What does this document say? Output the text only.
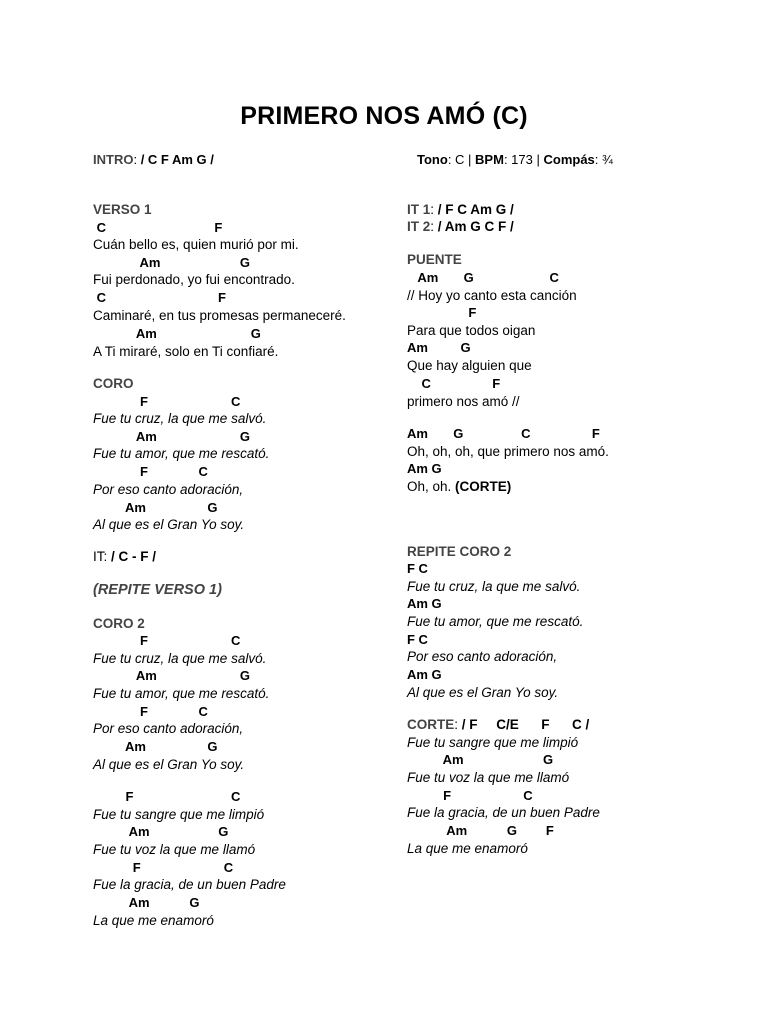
PRIMERO NOS AMÓ (C)
INTRO: / C F Am G /	Tono: C | BPM: 173 | Compás: ¾
VERSO 1
C                              F
Cuán bello es, quien murió por mi.
Am                      G
Fui perdonado, yo fui encontrado.
C                               F
Caminaré, en tus promesas permaneceré.
Am                          G
A Ti miraré, solo en Ti confiaré.
CORO
F                       C
Fue tu cruz, la que me salvó.
Am                       G
Fue tu amor, que me rescató.
F              C
Por eso canto adoración,
Am                 G
Al que es el Gran Yo soy.
IT: / C - F /
(REPITE VERSO 1)
CORO 2
F                       C
Fue tu cruz, la que me salvó.
Am                       G
Fue tu amor, que me rescató.
F              C
Por eso canto adoración,
Am                 G
Al que es el Gran Yo soy.
F                           C
Fue tu sangre que me limpió
Am                   G
Fue tu voz la que me llamó
F                       C
Fue la gracia, de un buen Padre
Am           G
La que me enamoró
IT 1: / F C Am G /
IT 2: / Am G C F /
PUENTE
Am       G                     C
// Hoy yo canto esta canción
F
Para que todos oigan
Am         G
Que hay alguien que
C                 F
primero nos amó //
Am       G                C                 F
Oh, oh, oh, que primero nos amó.
Am G
Oh, oh. (CORTE)
REPITE CORO 2
F C
Fue tu cruz, la que me salvó.
Am G
Fue tu amor, que me rescató.
F C
Por eso canto adoración,
Am G
Al que es el Gran Yo soy.
CORTE: / F     C/E      F      C /
Fue tu sangre que me limpió
Am                      G
Fue tu voz la que me llamó
F                    C
Fue la gracia, de un buen Padre
Am           G        F
La que me enamoró
